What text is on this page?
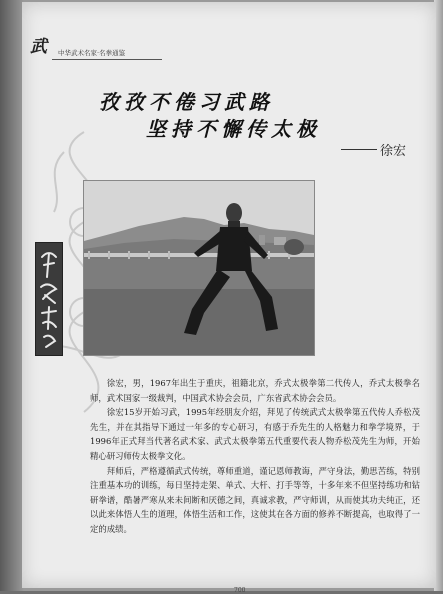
武 中华武术名家·名拳通鉴
孜孜不倦习武路
坚持不懈传太极
徐宏

徐宏，男，1967年出生于重庆，祖籍北京，乔式太极拳第二代传人，乔式太极拳名师，武术国家一级裁判，中国武术协会会员，广东省武术协会会员。

徐宏15岁开始习武，1995年经朋友介绍，拜见了传统武式太极拳第五代传人乔松茂先生，并在其指导下通过一年多的专心研习，有感于乔先生的人格魅力和拳学境界，于1996年正式拜当代著名武术家、武式太极拳第五代重要代表人物乔松茂先生为师，开始精心研习师传太极拳文化。

拜师后，严格遵循武式传统，尊师重道，谨记恩师教诲，严守身法，勤思苦练，特别注重基本功的训练，每日坚持走架、单式、大杆、打手等等，十多年来不但坚持练功和钻研拳谱，酷暑严寒从来未间断和厌德之间，真诚求教，严守师训，从而使其功夫纯正，还以此来体悟人生的道理，体悟生活和工作，这使其在各方面的修养不断提高，也取得了一定的成绩。

700
